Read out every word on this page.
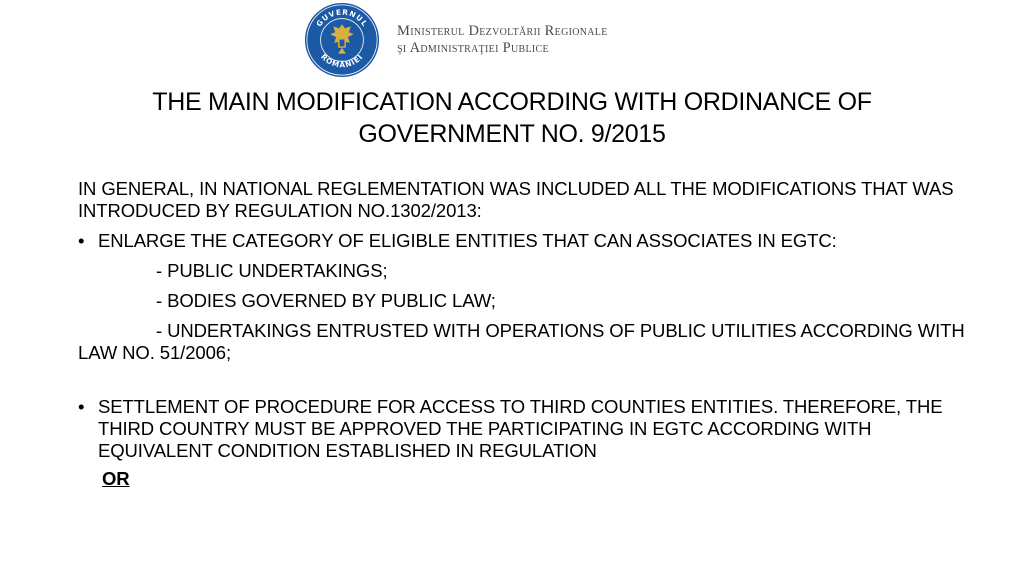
GUVERNUL
ROMÂNIEI
Ministerul Dezvoltării Regionale
şi Administraţiei Publice
THE MAIN MODIFICATION ACCORDING WITH ORDINANCE OF
GOVERNMENT NO. 9/2015

IN GENERAL, IN NATIONAL REGLEMENTATION WAS INCLUDED ALL THE MODIFICATIONS THAT WAS INTRODUCED BY REGULATION NO.1302/2013:

• ENLARGE THE CATEGORY OF ELIGIBLE ENTITIES THAT CAN ASSOCIATES IN EGTC:

- PUBLIC UNDERTAKINGS;

- BODIES GOVERNED BY PUBLIC LAW;

- UNDERTAKINGS ENTRUSTED WITH OPERATIONS OF PUBLIC UTILITIES ACCORDING WITH LAW NO. 51/2006;

• SETTLEMENT OF PROCEDURE FOR ACCESS TO THIRD COUNTIES ENTITIES. THEREFORE, THE THIRD COUNTRY MUST BE APPROVED THE PARTICIPATING IN EGTC ACCORDING WITH EQUIVALENT CONDITION ESTABLISHED IN REGULATION
OR
